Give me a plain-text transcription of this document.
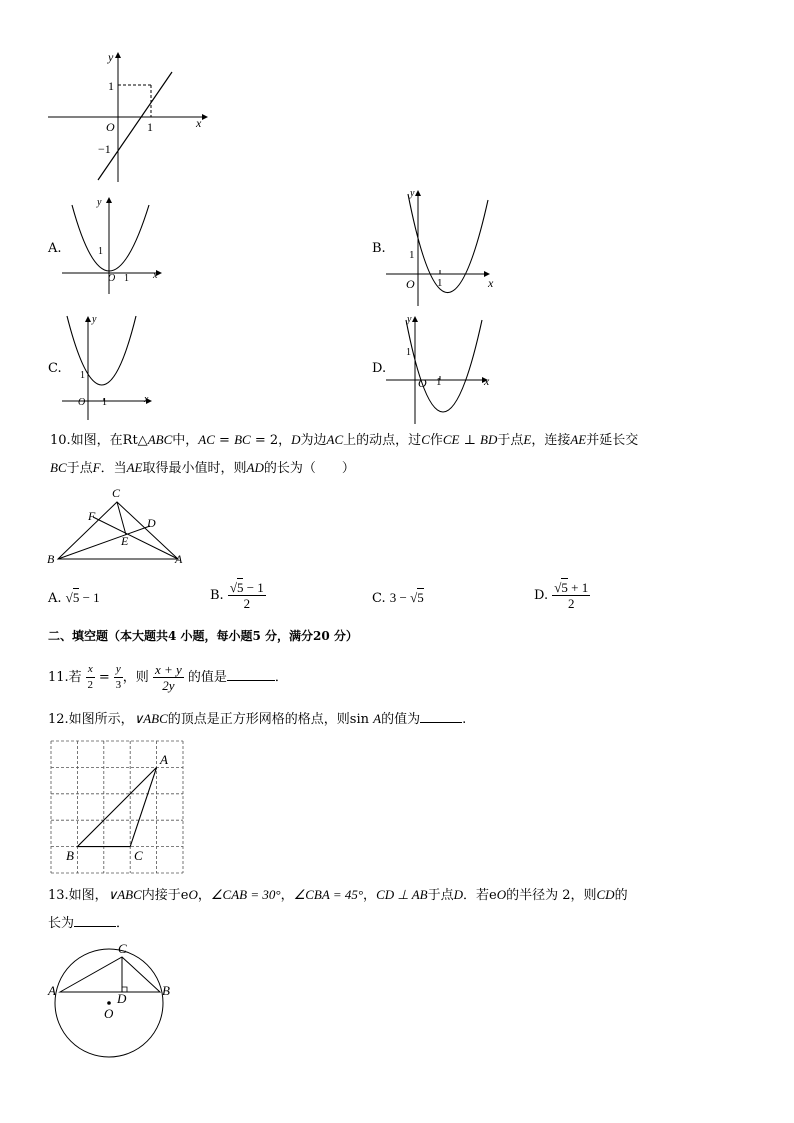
y
x
1
O	1
−1
A.
y
x
1
O 1
B.
y
x
1
O 1
C.
y
x
1
O 1
D.
y
x
1
O 1
10.如图，在Rt△ABC中，AC = BC = 2，D为边AC上的动点，过C作CE ⊥ BD于点E，连接AE并延长交
BC于点F．当AE取得最小值时，则AD的长为（　　）
C
F	D
E
B	A
A. √5 − 1	B. $\frac{√5 - 1}{2}$	C. 3 − √5	D. $\frac{√5 + 1}{2}$
二、填空题（本大题共4 小题，每小题5 分，满分20 分）
11.若 $\frac{x}{2} = \frac{y}{3}$ ，则 $\frac{x + y}{2y}$ 的值是	．
12.如图所示，∨ABC的顶点是正方形网格的格点，则sin A的值为	.
A
B	C
13.如图，∨ABC内接于eO，∠CAB = 30°，∠CBA = 45°，CD ⊥ AB于点D．若eO的半径为 2，则CD的
长为	．
C
A	B
D
O
